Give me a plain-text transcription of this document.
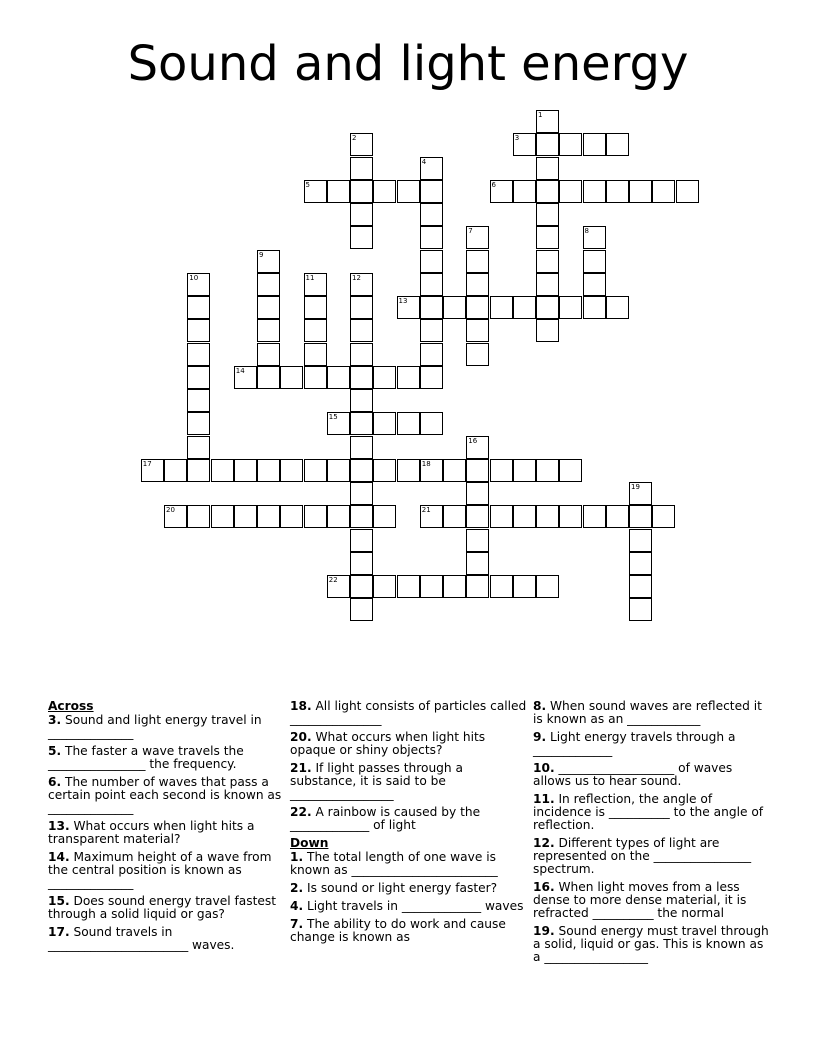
Sound and light energy
1
2	3
4
5	6
7	8
9
10	11	12
13
14
15
16
17	18
19
20	21
22
Across
3. Sound and light energy travel in ______________
5. The faster a wave travels the ________________ the frequency.
6. The number of waves that pass a certain point each second is known as ______________
13. What occurs when light hits a transparent material?
14. Maximum height of a wave from the central position is known as ______________
15. Does sound energy travel fastest through a solid liquid or gas?
17. Sound travels in _______________________ waves.
18. All light consists of particles called _______________
20. What occurs when light hits opaque or shiny objects?
21. If light passes through a substance, it is said to be _________________
22. A rainbow is caused by the _____________ of light
Down
1. The total length of one wave is known as ________________________
2. Is sound or light energy faster?
4. Light travels in _____________ waves
7. The ability to do work and cause change is known as
8. When sound waves are reflected it is known as an ____________
9. Light energy travels through a _____________
10. ___________________ of waves allows us to hear sound.
11. In reflection, the angle of incidence is __________ to the angle of reflection.
12. Different types of light are represented on the ________________ spectrum.
16. When light moves from a less dense to more dense material, it is refracted __________ the normal
19. Sound energy must travel through a solid, liquid or gas. This is known as a _________________
